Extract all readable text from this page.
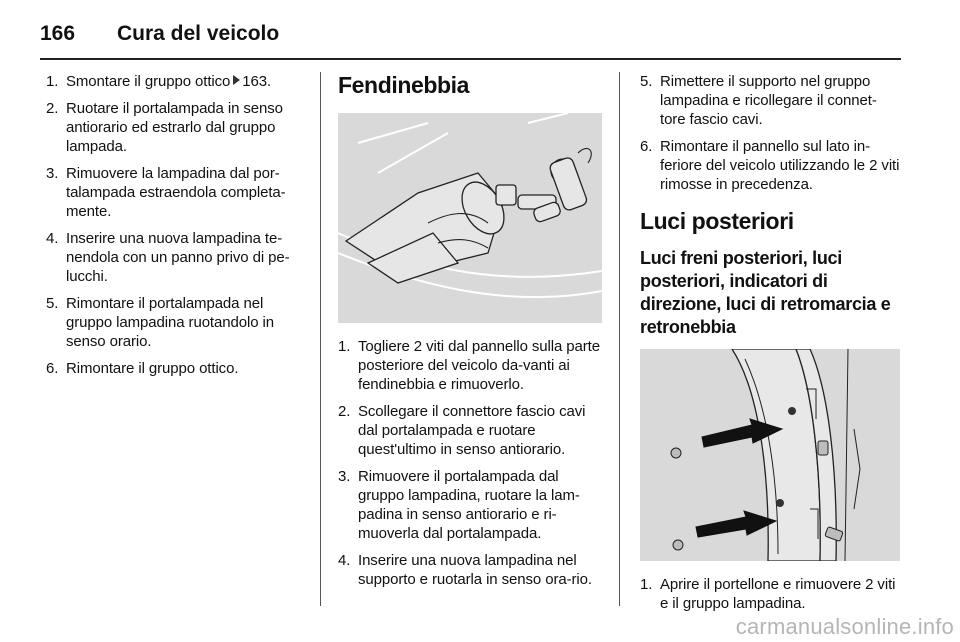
166 Cura del veicolo
1. Smontare il gruppo ottico 163.
2. Ruotare il portalampada in senso antiorario ed estrarlo dal gruppo lampada.
3. Rimuovere la lampadina dal por-talampada estraendola completa-mente.
4. Inserire una nuova lampadina te-nendola con un panno privo di pe-lucchi.
5. Rimontare il portalampada nel gruppo lampadina ruotandolo in senso orario.
6. Rimontare il gruppo ottico.
Fendinebbia
1. Togliere 2 viti dal pannello sulla parte posteriore del veicolo da-vanti ai fendinebbia e rimuoverlo.
2. Scollegare il connettore fascio cavi dal portalampada e ruotare quest'ultimo in senso antiorario.
3. Rimuovere il portalampada dal gruppo lampadina, ruotare la lam-padina in senso antiorario e ri-muoverla dal portalampada.
4. Inserire una nuova lampadina nel supporto e ruotarla in senso ora-rio.
5. Rimettere il supporto nel gruppo lampadina e ricollegare il connet-tore fascio cavi.
6. Rimontare il pannello sul lato in-feriore del veicolo utilizzando le 2 viti rimosse in precedenza.
Luci posteriori
Luci freni posteriori, luci posteriori, indicatori di direzione, luci di retromarcia e retronebbia
1. Aprire il portellone e rimuovere 2 viti e il gruppo lampadina.
carmanualsonline.info
